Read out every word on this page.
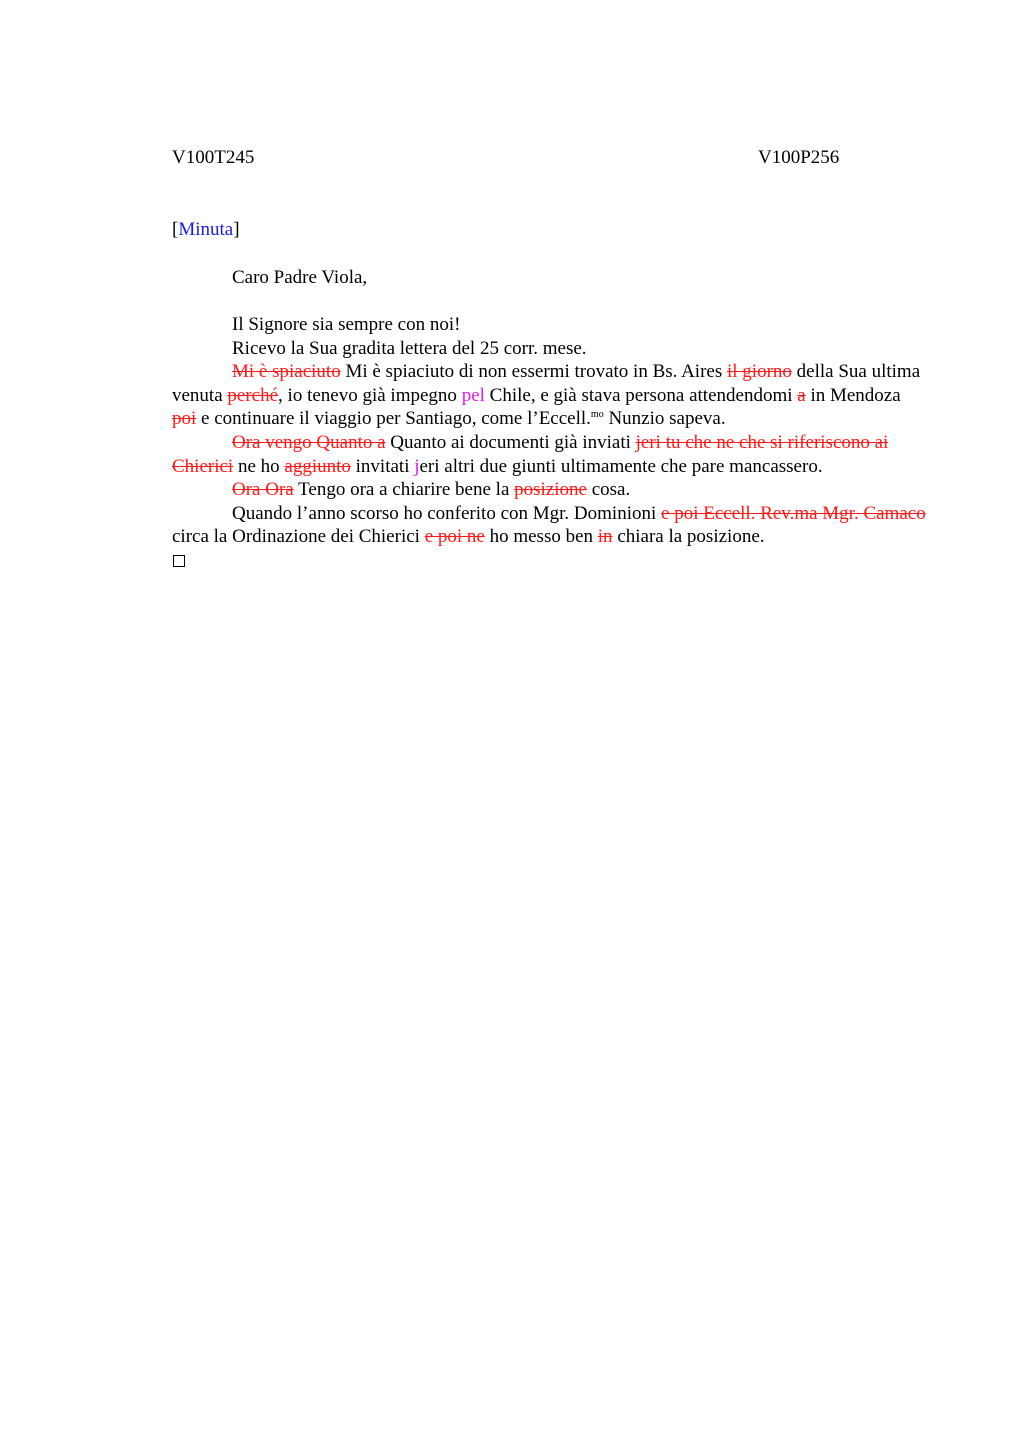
V100T245	V100P256
[Minuta]
Caro Padre Viola,

Il Signore sia sempre con noi!

Ricevo la Sua gradita lettera del 25 corr. mese.

Mi è spiaciuto Mi è spiaciuto di non essermi trovato in Bs. Aires il giorno della Sua ultima venuta perché, io tenevo già impegno pel Chile, e già stava persona attendendomi a in Mendoza poi e continuare il viaggio per Santiago, come l’Eccell.$^{mo}$ Nunzio sapeva.

Ora vengo Quanto a Quanto ai documenti già inviati jeri tu che ne che si riferiscono ai Chierici ne ho aggiunto invitati jeri altri due giunti ultimamente che pare mancassero.

Ora Ora Tengo ora a chiarire bene la posizione cosa.

Quando l’anno scorso ho conferito con Mgr. Dominioni e poi Eccell. Rev.ma Mgr. Camaco circa la Ordinazione dei Chierici e poi ne ho messo ben in chiara la posizione.
